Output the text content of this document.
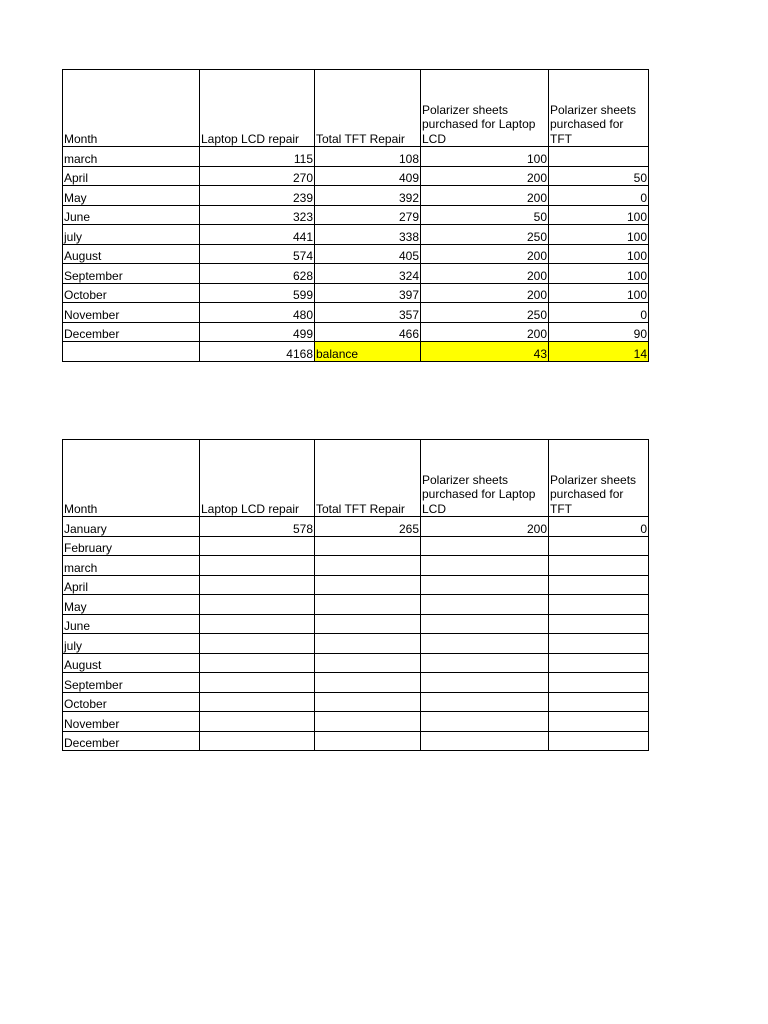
Month	Laptop LCD repair	Total TFT Repair	Polarizer sheets purchased for Laptop LCD	Polarizer sheets purchased for TFT
march	115	108	100	
April	270	409	200	50
May	239	392	200	0
June	323	279	50	100
july	441	338	250	100
August	574	405	200	100
September	628	324	200	100
October	599	397	200	100
November	480	357	250	0
December	499	466	200	90
	4168	balance	43	14
Month	Laptop LCD repair	Total TFT Repair	Polarizer sheets purchased for Laptop LCD	Polarizer sheets purchased for TFT
January	578	265	200	0
February				
march				
April				
May				
June				
july				
August				
September				
October				
November				
December				
